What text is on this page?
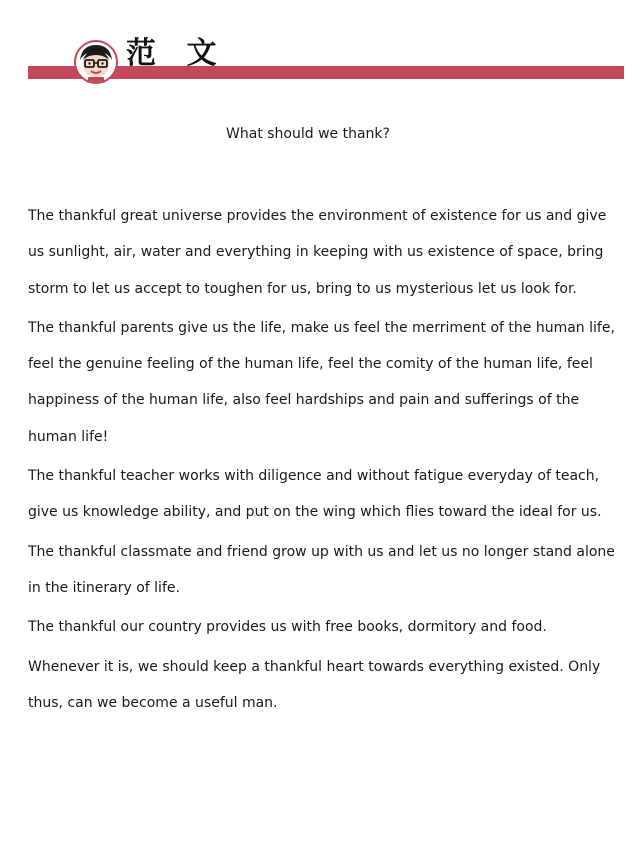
范 文
What should we thank?

The thankful great universe provides the environment of existence for us and give us sunlight, air, water and everything in keeping with us existence of space, bring storm to let us accept to toughen for us, bring to us mysterious let us look for.

The thankful parents give us the life, make us feel the merriment of the human life, feel the genuine feeling of the human life, feel the comity of the human life, feel happiness of the human life, also feel hardships and pain and sufferings of the human life!

The thankful teacher works with diligence and without fatigue everyday of teach, give us knowledge ability, and put on the wing which flies toward the ideal for us.

The thankful classmate and friend grow up with us and let us no longer stand alone in the itinerary of life.

The thankful our country provides us with free books, dormitory and food.

Whenever it is, we should keep a thankful heart towards everything existed. Only thus, can we become a useful man.
